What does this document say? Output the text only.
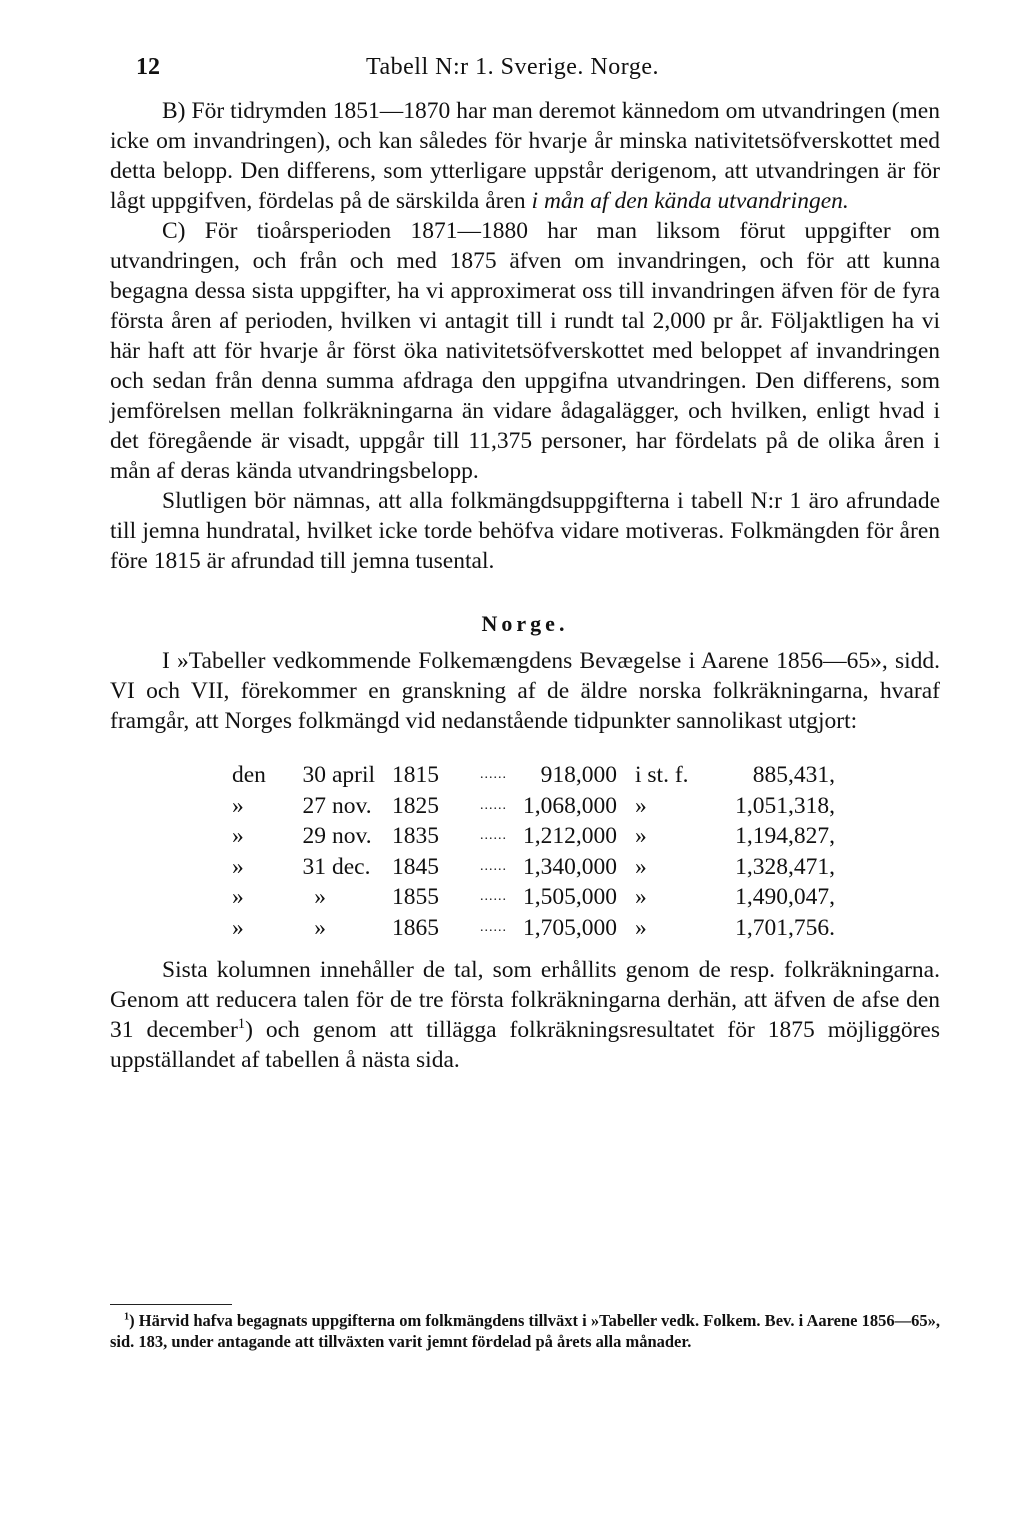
12	Tabell N:r 1. Sverige. Norge.

B) För tidrymden 1851—1870 har man deremot kännedom om utvandringen (men icke om invandringen), och kan således för hvarje år minska nativitetsöfverskottet med detta belopp. Den differens, som ytterligare uppstår derigenom, att utvandringen är för lågt uppgifven, fördelas på de särskilda åren i mån af den kända utvandringen.

C) För tioårsperioden 1871—1880 har man liksom förut uppgifter om utvandringen, och från och med 1875 äfven om invandringen, och för att kunna begagna dessa sista uppgifter, ha vi approximerat oss till invandringen äfven för de fyra första åren af perioden, hvilken vi antagit till i rundt tal 2,000 pr år. Följaktligen ha vi här haft att för hvarje år först öka nativitetsöfverskottet med beloppet af invandringen och sedan från denna summa afdraga den uppgifna utvandringen. Den differens, som jemförelsen mellan folkräkningarna än vidare ådagalägger, och hvilken, enligt hvad i det föregående är visadt, uppgår till 11,375 personer, har fördelats på de olika åren i mån af deras kända utvandringsbelopp.

Slutligen bör nämnas, att alla folkmängdsuppgifterna i tabell N:r 1 äro afrundade till jemna hundratal, hvilket icke torde behöfva vidare motiveras. Folkmängden för åren före 1815 är afrundad till jemna tusental.

Norge.

I »Tabeller vedkommende Folkemængdens Bevægelse i Aarene 1856—65», sidd. VI och VII, förekommer en granskning af de äldre norska folkräkningarna, hvaraf framgår, att Norges folkmängd vid nedanstående tidpunkter sannolikast utgjort:

den	30 april 1815	......	918,000 i st. f.	885,431,
»	27 nov. 1825	...... 1,068,000 »	1,051,318,
»	29 nov. 1835	...... 1,212,000 »	1,194,827,
»	31 dec. 1845	...... 1,340,000 »	1,328,471,
»	»	1855	...... 1,505,000 »	1,490,047,
»	»	1865	...... 1,705,000 »	1,701,756.

Sista kolumnen innehåller de tal, som erhållits genom de resp. folkräkningarna. Genom att reducera talen för de tre första folkräkningarna derhän, att äfven de afse den 31 december$^1$) och genom att tillägga folkräkningsresultatet för 1875 möjliggöres uppställandet af tabellen å nästa sida.

$^1$) Härvid hafva begagnats uppgifterna om folkmängdens tillväxt i »Tabeller vedk. Folkem. Bev. i Aarene 1856—65», sid. 183, under antagande att tillväxten varit jemnt fördelad på årets alla månader.
